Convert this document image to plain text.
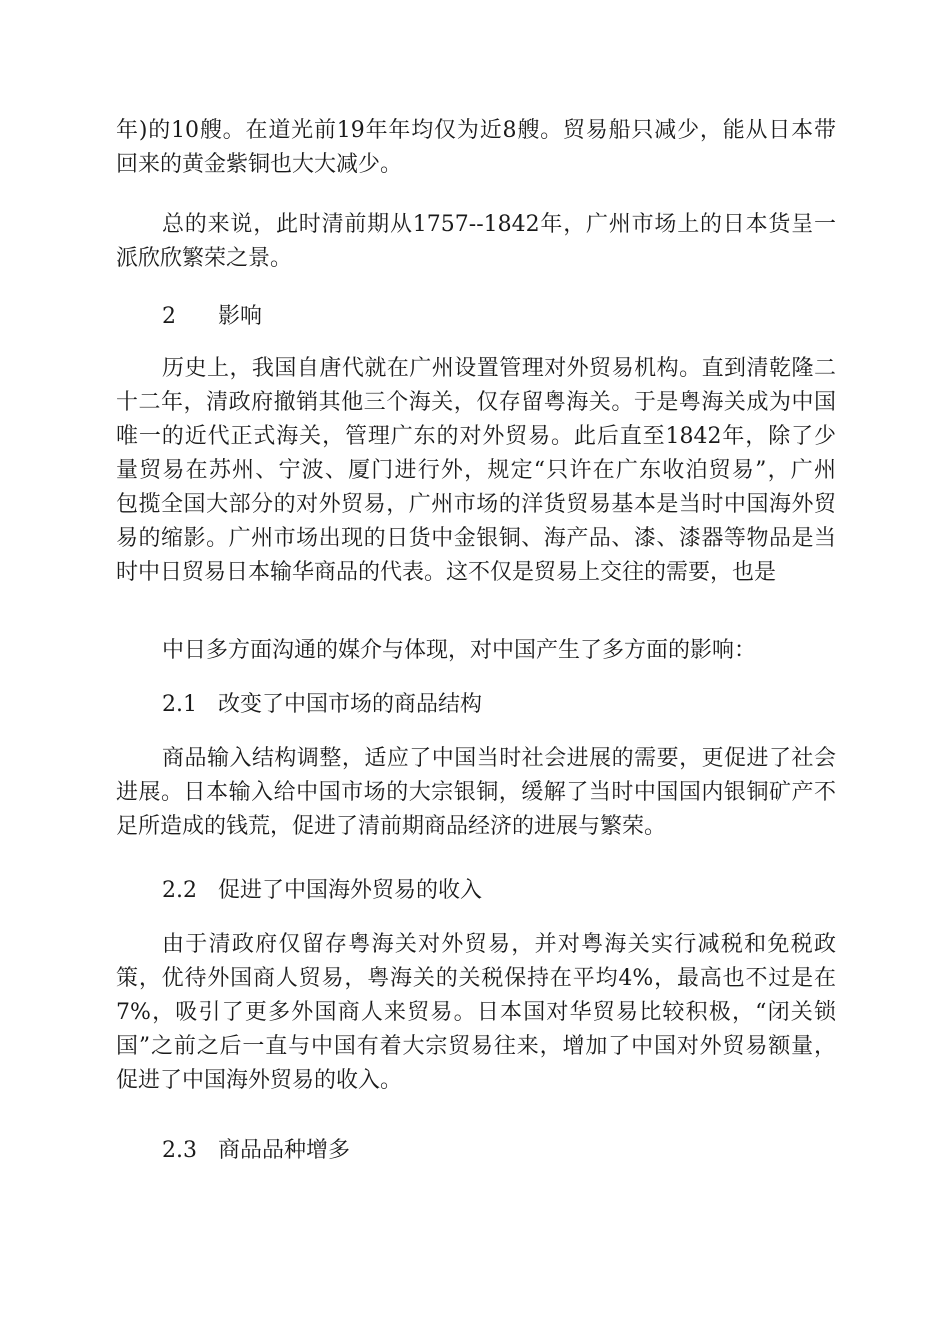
年)的10艘。在道光前19年年均仅为近8艘。贸易船只减少，能从日本带
回来的黄金紫铜也大大减少。
总的来说，此时清前期从1757--1842年，广州市场上的日本货呈一
派欣欣繁荣之景。
2 影响
历史上，我国自唐代就在广州设置管理对外贸易机构。直到清乾隆二
十二年，清政府撤销其他三个海关，仅存留粤海关。于是粤海关成为中国
唯一的近代正式海关，管理广东的对外贸易。此后直至1842年，除了少
量贸易在苏州、宁波、厦门进行外，规定“只许在广东收泊贸易”，广州
包揽全国大部分的对外贸易，广州市场的洋货贸易基本是当时中国海外贸
易的缩影。广州市场出现的日货中金银铜、海产品、漆、漆器等物品是当
时中日贸易日本输华商品的代表。这不仅是贸易上交往的需要，也是
中日多方面沟通的媒介与体现，对中国产生了多方面的影响：
2.1 改变了中国市场的商品结构
商品输入结构调整，适应了中国当时社会进展的需要，更促进了社会
进展。日本输入给中国市场的大宗银铜，缓解了当时中国国内银铜矿产不
足所造成的钱荒，促进了清前期商品经济的进展与繁荣。
2.2 促进了中国海外贸易的收入
由于清政府仅留存粤海关对外贸易，并对粤海关实行减税和免税政
策，优待外国商人贸易，粤海关的关税保持在平均4%，最高也不过是在
7%，吸引了更多外国商人来贸易。日本国对华贸易比较积极，“闭关锁
国”之前之后一直与中国有着大宗贸易往来，增加了中国对外贸易额量，
促进了中国海外贸易的收入。
2.3 商品品种增多
